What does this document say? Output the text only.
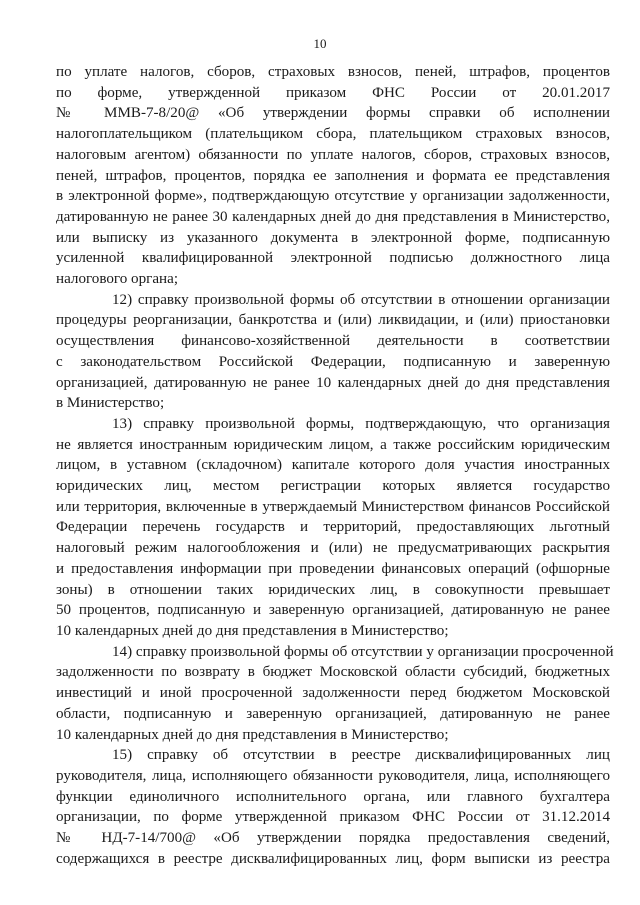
10
по уплате налогов, сборов, страховых взносов, пеней, штрафов, процентов
по форме, утвержденной приказом ФНС России от 20.01.2017
№ ММВ-7-8/20@ «Об утверждении формы справки об исполнении
налогоплательщиком (плательщиком сбора, плательщиком страховых взносов,
налоговым агентом) обязанности по уплате налогов, сборов, страховых взносов,
пеней, штрафов, процентов, порядка ее заполнения и формата ее представления
в электронной форме», подтверждающую отсутствие у организации задолженности,
датированную не ранее 30 календарных дней до дня представления в Министерство,
или выписку из указанного документа в электронной форме, подписанную
усиленной квалифицированной электронной подписью должностного лица
налогового органа;
12) справку произвольной формы об отсутствии в отношении организации
процедуры реорганизации, банкротства и (или) ликвидации, и (или) приостановки
осуществления финансово-хозяйственной деятельности в соответствии
с законодательством Российской Федерации, подписанную и заверенную
организацией, датированную не ранее 10 календарных дней до дня представления
в Министерство;
13) справку произвольной формы, подтверждающую, что организация
не является иностранным юридическим лицом, а также российским юридическим
лицом, в уставном (складочном) капитале которого доля участия иностранных
юридических лиц, местом регистрации которых является государство
или территория, включенные в утверждаемый Министерством финансов Российской
Федерации перечень государств и территорий, предоставляющих льготный
налоговый режим налогообложения и (или) не предусматривающих раскрытия
и предоставления информации при проведении финансовых операций (офшорные
зоны) в отношении таких юридических лиц, в совокупности превышает
50 процентов, подписанную и заверенную организацией, датированную не ранее
10 календарных дней до дня представления в Министерство;
14) справку произвольной формы об отсутствии у организации просроченной
задолженности по возврату в бюджет Московской области субсидий, бюджетных
инвестиций и иной просроченной задолженности перед бюджетом Московской
области, подписанную и заверенную организацией, датированную не ранее
10 календарных дней до дня представления в Министерство;
15) справку об отсутствии в реестре дисквалифицированных лиц
руководителя, лица, исполняющего обязанности руководителя, лица, исполняющего
функции единоличного исполнительного органа, или главного бухгалтера
организации, по форме утвержденной приказом ФНС России от 31.12.2014
№ НД-7-14/700@ «Об утверждении порядка предоставления сведений,
содержащихся в реестре дисквалифицированных лиц, форм выписки из реестра
